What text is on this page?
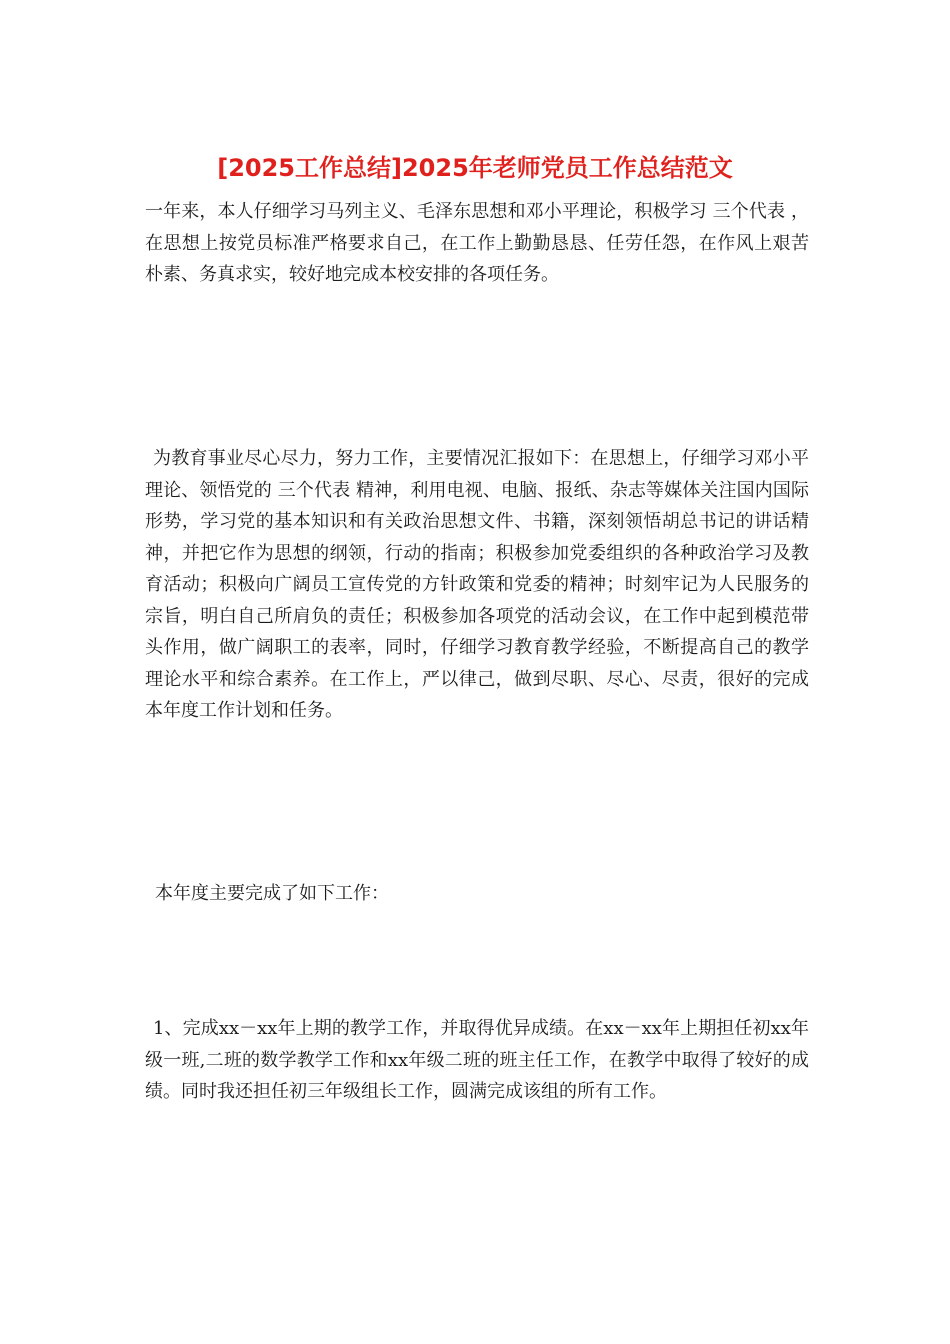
[2025工作总结]2025年老师党员工作总结范文

一年来，本人仔细学习马列主义、毛泽东思想和邓小平理论，积极学习 三个代表 ，在思想上按党员标准严格要求自己，在工作上勤勤恳恳、任劳任怨，在作风上艰苦朴素、务真求实，较好地完成本校安排的各项任务。

为教育事业尽心尽力，努力工作，主要情况汇报如下：在思想上，仔细学习邓小平理论、领悟党的 三个代表 精神，利用电视、电脑、报纸、杂志等媒体关注国内国际形势，学习党的基本知识和有关政治思想文件、书籍，深刻领悟胡总书记的讲话精神，并把它作为思想的纲领，行动的指南；积极参加党委组织的各种政治学习及教育活动；积极向广阔员工宣传党的方针政策和党委的精神；时刻牢记为人民服务的宗旨，明白自己所肩负的责任；积极参加各项党的活动会议，在工作中起到模范带头作用，做广阔职工的表率，同时，仔细学习教育教学经验，不断提高自己的教学理论水平和综合素养。在工作上，严以律己，做到尽职、尽心、尽责，很好的完成本年度工作计划和任务。

本年度主要完成了如下工作：

1、完成xx－xx年上期的教学工作，并取得优异成绩。在xx－xx年上期担任初xx年级一班,二班的数学教学工作和xx年级二班的班主任工作，在教学中取得了较好的成绩。同时我还担任初三年级组长工作，圆满完成该组的所有工作。
